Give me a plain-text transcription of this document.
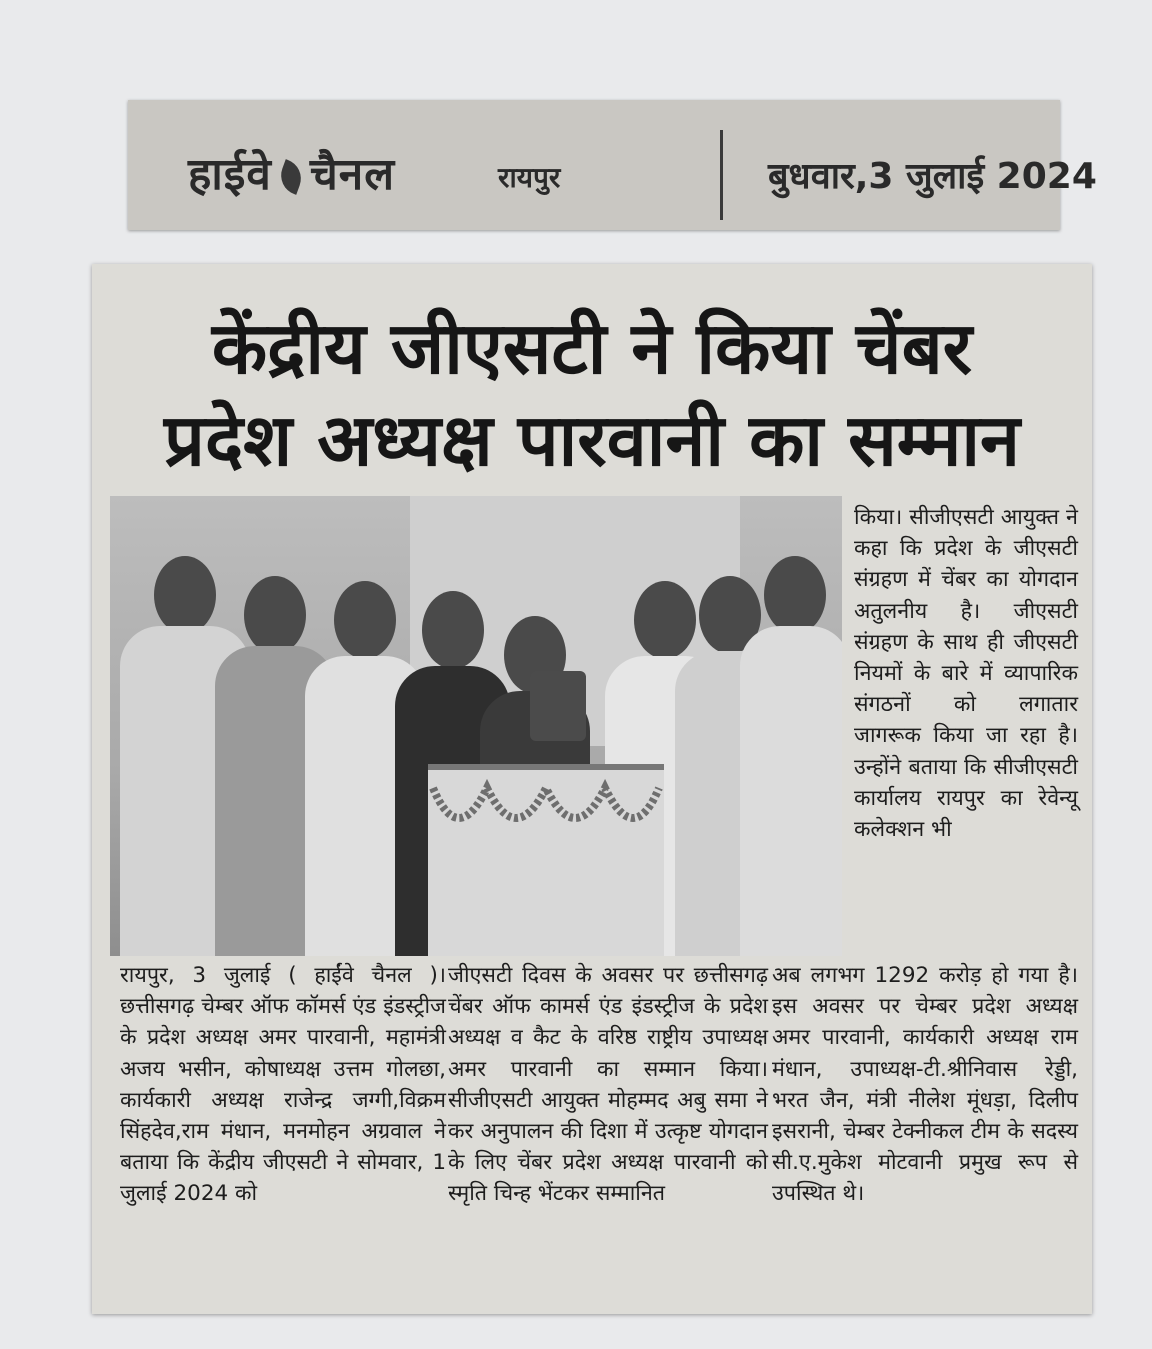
हाईवे चैनल	रायपुर	बुधवार,3 जुलाई 2024
केंद्रीय जीएसटी ने किया चेंबर
प्रदेश अध्यक्ष पारवानी का सम्मान

किया। सीजीएसटी आयुक्त ने कहा कि प्रदेश के जीएसटी संग्रहण में चेंबर का योगदान अतुलनीय है। जीएसटी संग्रहण के साथ ही जीएसटी नियमों के बारे में व्यापारिक संगठनों को लगातार जागरूक किया जा रहा है। उन्होंने बताया कि सीजीएसटी कार्यालय रायपुर का रेवेन्यू कलेक्शन भी

रायपुर, 3 जुलाई ( हाईंवे चैनल )। छत्तीसगढ़ चेम्बर ऑफ कॉमर्स एंड इंडस्ट्रीज के प्रदेश अध्यक्ष अमर पारवानी, महामंत्री अजय भसीन, कोषाध्यक्ष उत्तम गोलछा, कार्यकारी अध्यक्ष राजेन्द्र जग्गी,विक्रम सिंहदेव,राम मंधान, मनमोहन अग्रवाल ने बताया कि केंद्रीय जीएसटी ने सोमवार, 1 जुलाई 2024 को

जीएसटी दिवस के अवसर पर छत्तीसगढ़ चेंबर ऑफ कामर्स एंड इंडस्ट्रीज के प्रदेश अध्यक्ष व कैट के वरिष्ठ राष्ट्रीय उपाध्यक्ष अमर पारवानी का सम्मान किया। सीजीएसटी आयुक्त मोहम्मद अबु समा ने कर अनुपालन की दिशा में उत्कृष्ट योगदान के लिए चेंबर प्रदेश अध्यक्ष पारवानी को स्मृति चिन्ह भेंटकर सम्मानित

अब लगभग 1292 करोड़ हो गया है। इस अवसर पर चेम्बर प्रदेश अध्यक्ष अमर पारवानी, कार्यकारी अध्यक्ष राम मंधान, उपाध्यक्ष-टी.श्रीनिवास रेड्डी, भरत जैन, मंत्री नीलेश मूंधड़ा, दिलीप इसरानी, चेम्बर टेक्नीकल टीम के सदस्य सी.ए.मुकेश मोटवानी प्रमुख रूप से उपस्थित थे।
